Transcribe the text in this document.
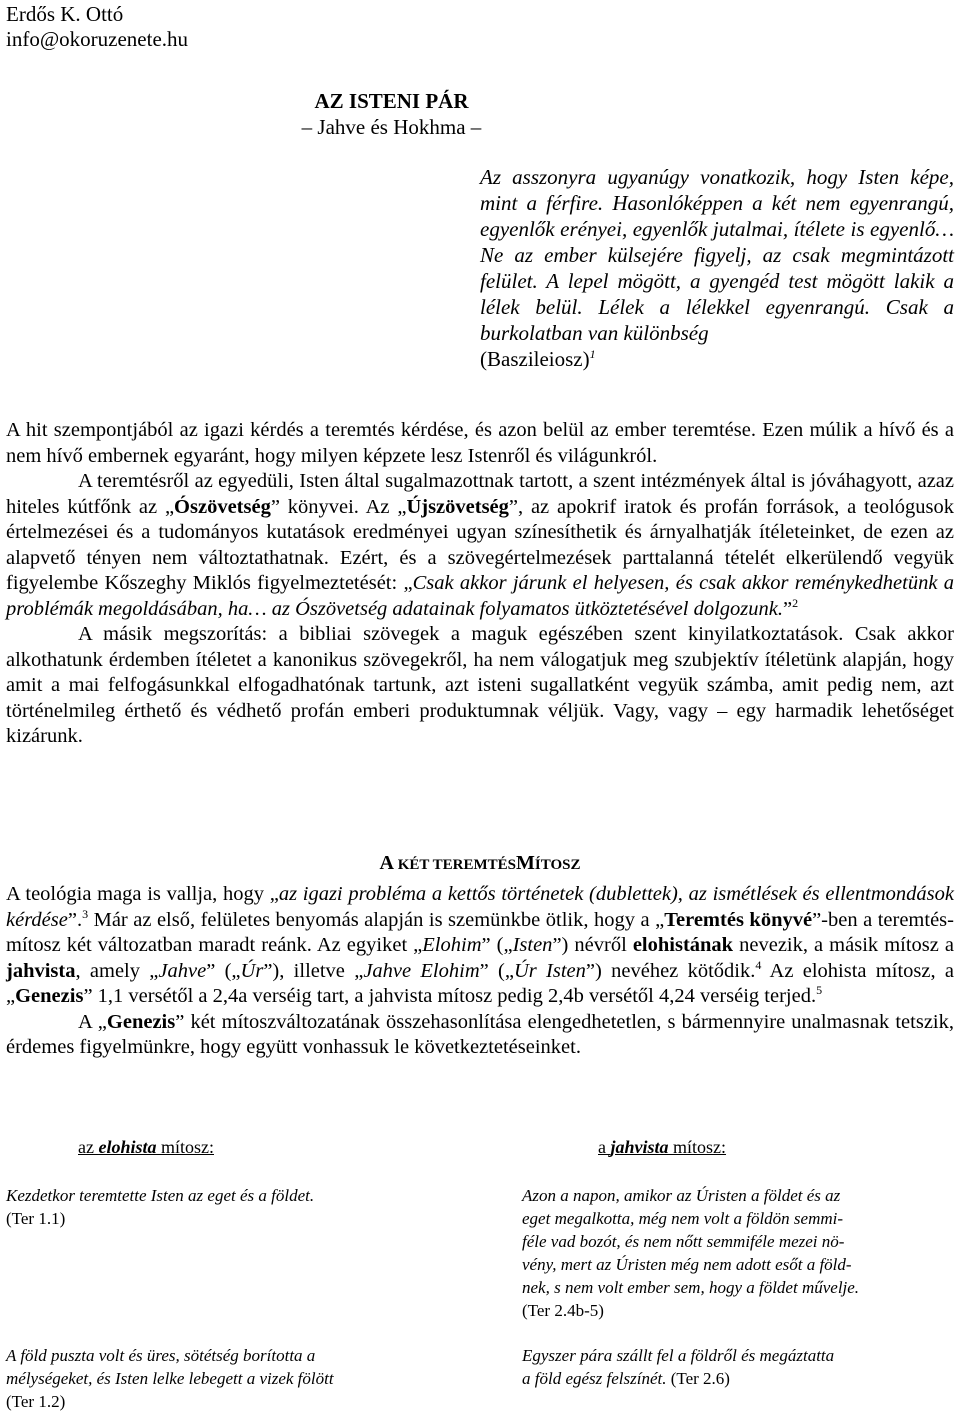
Erdős K. Ottó
info@okoruzenete.hu
AZ ISTENI PÁR
– Jahve és Hokhma –
Az asszonyra ugyanúgy vonatkozik, hogy Isten képe, mint a férfire. Hasonlóképpen a két nem egyenrangú, egyenlők erényei, egyenlők jutalmai, ítélete is egyenlő… Ne az ember külsejére figyelj, az csak megmintázott felület. A lepel mögött, a gyengéd test mögött lakik a lélek belül. Lélek a lélekkel egyenrangú. Csak a burkolatban van különbség
(Baszileiosz)$^1$

A hit szempontjából az igazi kérdés a teremtés kérdése, és azon belül az ember teremtése. Ezen múlik a hívő és a nem hívő embernek egyaránt, hogy milyen képzete lesz Istenről és világunkról.

A teremtésről az egyedüli, Isten által sugalmazottnak tartott, a szent intézmények által is jóváhagyott, azaz hiteles kútfőnk az „Ószövetség” könyvei. Az „Újszövetség”, az apokrif iratok és profán források, a teológusok értelmezései és a tudományos kutatások eredményei ugyan színesíthetik és árnyalhatják ítéleteinket, de ezen az alapvető tényen nem változtathatnak. Ezért, és a szövegértelmezések parttalanná tételét elkerülendő vegyük figyelembe Kőszeghy Miklós figyelmeztetését: „Csak akkor járunk el helyesen, és csak akkor reménykedhetünk a problémák megoldásában, ha… az Ószövetség adatainak folyamatos ütköztetésével dolgozunk.”$^2$

A másik megszorítás: a bibliai szövegek a maguk egészében szent kinyilatkoztatások. Csak akkor alkothatunk érdemben ítéletet a kanonikus szövegekről, ha nem válogatjuk meg szubjektív ítéletünk alapján, hogy amit a mai felfogásunkkal elfogadhatónak tartunk, azt isteni sugallatként vegyük számba, amit pedig nem, azt történelmileg érthető és védhető profán emberi produktumnak véljük. Vagy, vagy – egy harmadik lehetőséget kizárunk.

A KÉT TEREMTÉSMÍTOSZ

A teológia maga is vallja, hogy „az igazi probléma a kettős történetek (dublettek), az ismétlések és ellentmondások kérdése”.$^3$ Már az első, felületes benyomás alapján is szemünkbe ötlik, hogy a „Teremtés könyvé”-ben a teremtés-mítosz két változatban maradt reánk. Az egyiket „Elohim” („Isten”) névről elohistának nevezik, a másik mítosz a jahvista, amely „Jahve” („Úr”), illetve „Jahve Elohim” („Úr Isten”) nevéhez kötődik.$^4$ Az elohista mítosz, a „Genezis” 1,1 versétől a 2,4a verséig tart, a jahvista mítosz pedig 2,4b versétől 4,24 verséig terjed.$^5$

A „Genezis” két mítoszváltozatának összehasonlítása elengedhetetlen, s bármennyire unalmasnak tetszik, érdemes figyelmünkre, hogy együtt vonhassuk le következtetéseinket.

az elohista mítosz:	a jahvista mítosz:
Kezdetkor teremtette Isten az eget és a földet.
(Ter 1.1)
Azon a napon, amikor az Úristen a földet és az
eget megalkotta, még nem volt a földön semmi-
féle vad bozót, és nem nőtt semmiféle mezei nö-
vény, mert az Úristen még nem adott esőt a föld-
nek, s nem volt ember sem, hogy a földet művelje.
(Ter 2.4b-5)
A föld puszta volt és üres, sötétség borította a
mélységeket, és Isten lelke lebegett a vizek fölött
(Ter 1.2)
Egyszer pára szállt fel a földről és megáztatta
a föld egész felszínét. (Ter 2.6)
